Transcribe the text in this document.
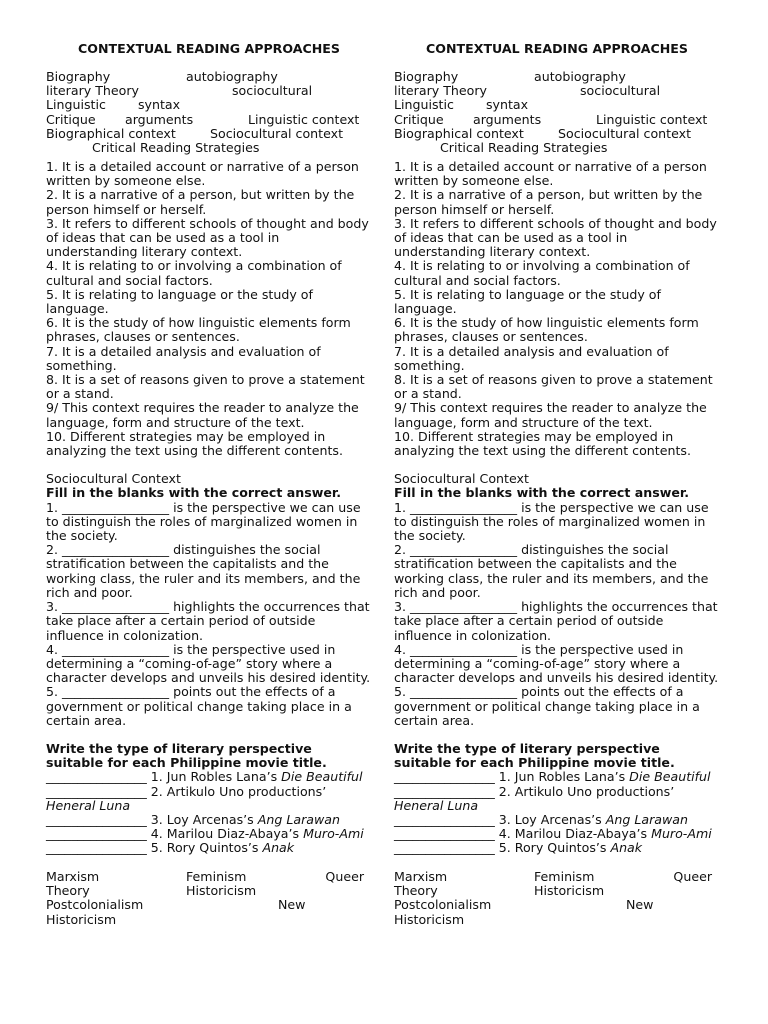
CONTEXTUAL READING APPROACHES
Biography	autobiography
literary Theory	sociocultural
Linguistic	syntax
Critique arguments	Linguistic context
Biographical context	Sociocultural context
Critical Reading Strategies

1. It is a detailed account or narrative of a person written by someone else.

2. It is a narrative of a person, but written by the person himself or herself.

3. It refers to different schools of thought and body of ideas that can be used as a tool in understanding literary context.

4. It is relating to or involving a combination of cultural and social factors.

5. It is relating to language or the study of language.

6. It is the study of how linguistic elements form phrases, clauses or sentences.

7. It is a detailed analysis and evaluation of something.

8. It is a set of reasons given to prove a statement or a stand.

9/ This context requires the reader to analyze the language, form and structure of the text.

10. Different strategies may be employed in analyzing the text using the different contents.

Sociocultural Context

Fill in the blanks with the correct answer.

1. _________________ is the perspective we can use to distinguish the roles of marginalized women in the society.

2. _________________ distinguishes the social stratification between the capitalists and the working class, the ruler and its members, and the rich and poor.

3. _________________ highlights the occurrences that take place after a certain period of outside influence in colonization.

4. _________________ is the perspective used in determining a “coming-of-age” story where a character develops and unveils his desired identity.

5. _________________ points out the effects of a government or political change taking place in a certain area.

Write the type of literary perspective suitable for each Philippine movie title.

________________ 1. Jun Robles Lana’s Die Beautiful

________________ 2. Artikulo Uno productions’ Heneral Luna

________________ 3. Loy Arcenas’s Ang Larawan

________________ 4. Marilou Diaz-Abaya’s Muro-Ami

________________ 5. Rory Quintos’s Anak

Marxism	Feminism	Queer
Theory	Historicism
Postcolonialism	New
Historicism
CONTEXTUAL READING APPROACHES
Biography	autobiography
literary Theory	sociocultural
Linguistic	syntax
Critique arguments	Linguistic context
Biographical context	Sociocultural context
Critical Reading Strategies

1. It is a detailed account or narrative of a person written by someone else.

2. It is a narrative of a person, but written by the person himself or herself.

3. It refers to different schools of thought and body of ideas that can be used as a tool in understanding literary context.

4. It is relating to or involving a combination of cultural and social factors.

5. It is relating to language or the study of language.

6. It is the study of how linguistic elements form phrases, clauses or sentences.

7. It is a detailed analysis and evaluation of something.

8. It is a set of reasons given to prove a statement or a stand.

9/ This context requires the reader to analyze the language, form and structure of the text.

10. Different strategies may be employed in analyzing the text using the different contents.

Sociocultural Context

Fill in the blanks with the correct answer.

1. _________________ is the perspective we can use to distinguish the roles of marginalized women in the society.

2. _________________ distinguishes the social stratification between the capitalists and the working class, the ruler and its members, and the rich and poor.

3. _________________ highlights the occurrences that take place after a certain period of outside influence in colonization.

4. _________________ is the perspective used in determining a “coming-of-age” story where a character develops and unveils his desired identity.

5. _________________ points out the effects of a government or political change taking place in a certain area.

Write the type of literary perspective suitable for each Philippine movie title.

________________ 1. Jun Robles Lana’s Die Beautiful

________________ 2. Artikulo Uno productions’ Heneral Luna

________________ 3. Loy Arcenas’s Ang Larawan

________________ 4. Marilou Diaz-Abaya’s Muro-Ami

________________ 5. Rory Quintos’s Anak

Marxism	Feminism	Queer
Theory	Historicism
Postcolonialism	New
Historicism
